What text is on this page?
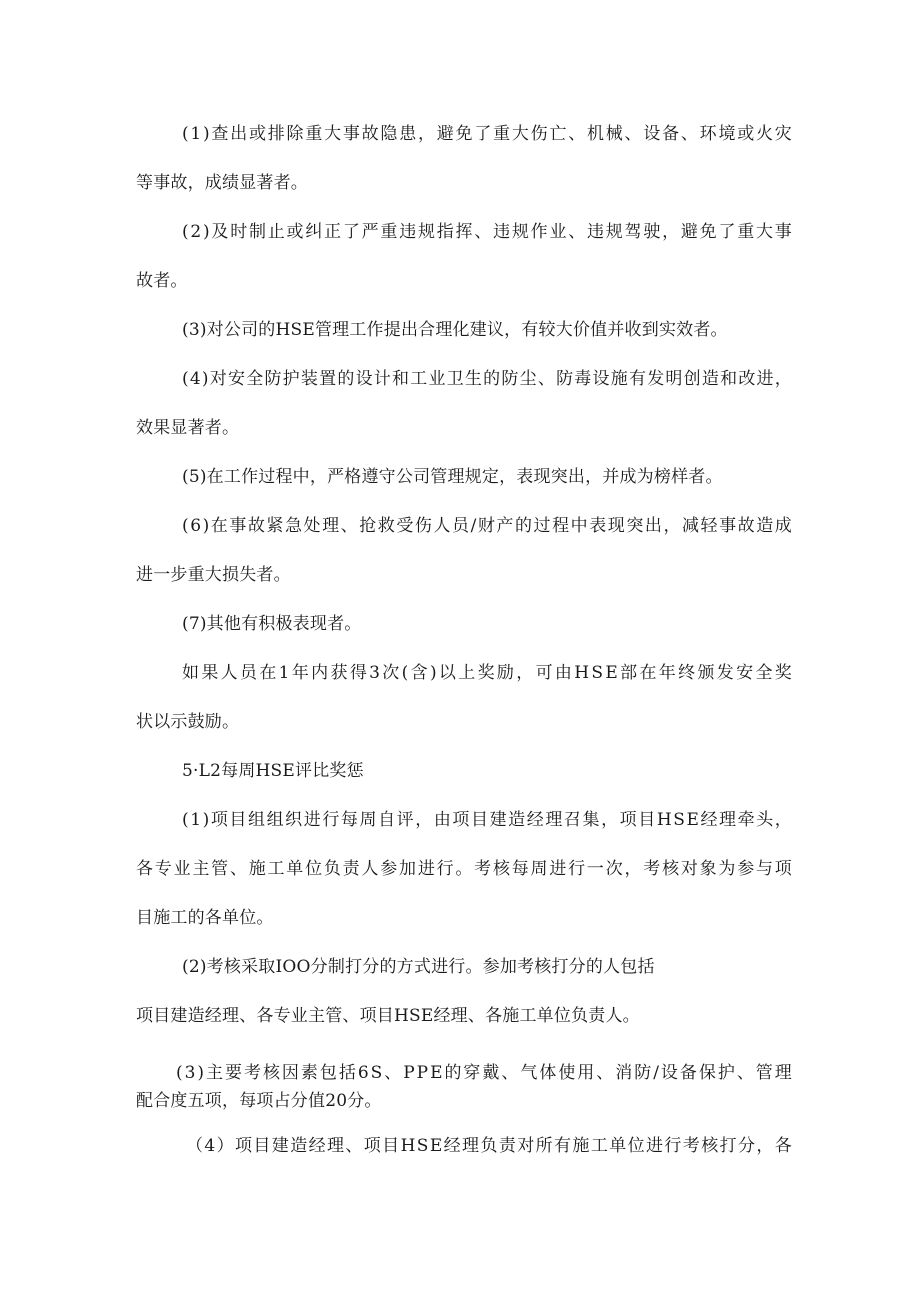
(1)查出或排除重大事故隐患，避免了重大伤亡、机械、设备、环境或火灾
等事故，成绩显著者。
(2)及时制止或纠正了严重违规指挥、违规作业、违规驾驶，避免了重大事
故者。
(3)对公司的HSE管理工作提出合理化建议，有较大价值并收到实效者。
(4)对安全防护装置的设计和工业卫生的防尘、防毒设施有发明创造和改进，
效果显著者。
(5)在工作过程中，严格遵守公司管理规定，表现突出，并成为榜样者。
(6)在事故紧急处理、抢救受伤人员/财产的过程中表现突出，减轻事故造成
进一步重大损失者。
(7)其他有积极表现者。
如果人员在1年内获得3次(含)以上奖励，可由HSE部在年终颁发安全奖
状以示鼓励。
5·L2每周HSE评比奖惩
(1)项目组组织进行每周自评，由项目建造经理召集，项目HSE经理牵头，
各专业主管、施工单位负责人参加进行。考核每周进行一次，考核对象为参与项
目施工的各单位。
(2)考核采取IOO分制打分的方式进行。参加考核打分的人包括
项目建造经理、各专业主管、项目HSE经理、各施工单位负责人。
(3)主要考核因素包括6S、PPE的穿戴、气体使用、消防/设备保护、管理
配合度五项，每项占分值20分。
（4）项目建造经理、项目HSE经理负责对所有施工单位进行考核打分，各
